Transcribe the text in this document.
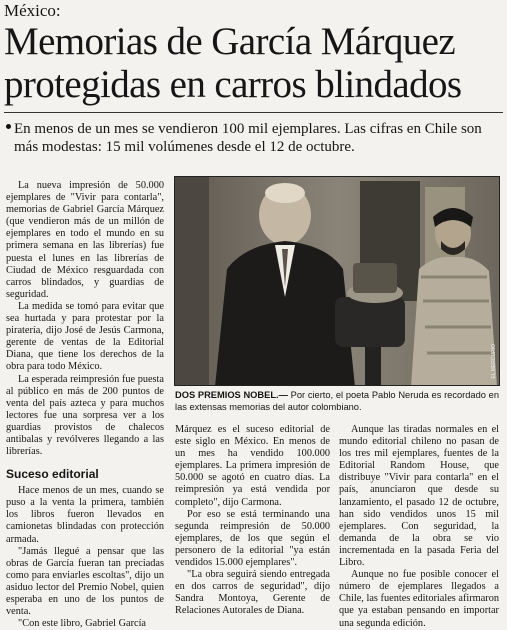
México:
Memorias de García Márquez protegidas en carros blindados
En menos de un mes se vendieron 100 mil ejemplares. Las cifras en Chile son más modestas: 15 mil volúmenes desde el 12 de octubre.

La nueva impresión de 50.000 ejemplares de "Vivir para contarla", memorias de Gabriel García Márquez (que vendieron más de un millón de ejemplares en todo el mundo en su primera semana en las librerías) fue puesta el lunes en las librerías de Ciudad de México resguardada con carros blindados, y guardias de seguridad.

La medida se tomó para evitar que sea hurtada y para protestar por la piratería, dijo José de Jesús Carmona, gerente de ventas de la Editorial Diana, que tiene los derechos de la obra para todo México.

La esperada reimpresión fue puesta al público en más de 200 puntos de venta del país azteca y para muchos lectores fue una sorpresa ver a los guardias provistos de chalecos antibalas y revólveres llegando a las librerías.

Suceso editorial

Hace menos de un mes, cuando se puso a la venta la primera, también los libros fueron llevados en camionetas blindadas con protección armada.

"Jamás llegué a pensar que las obras de García fueran tan preciadas como para enviarles escoltas", dijo un asiduo lector del Premio Nobel, quien esperaba en uno de los puntos de venta.

"Con este libro, Gabriel García

EL MERCURIO
DOS PREMIOS NOBEL.— Por cierto, el poeta Pablo Neruda es recordado en las extensas memorias del autor colombiano.

Márquez es el suceso editorial de este siglo en México. En menos de un mes ha vendido 100.000 ejemplares. La primera impresión de 50.000 se agotó en cuatro días. La reimpresión ya está vendida por completo", dijo Carmona.

Por eso se está terminando una segunda reimpresión de 50.000 ejemplares, de los que según el personero de la editorial "ya están vendidos 15.000 ejemplares".

"La obra seguirá siendo entregada en dos carros de seguridad", dijo Sandra Montoya, Gerente de Relaciones Autorales de Diana.

Aunque las tiradas normales en el mundo editorial chileno no pasan de los tres mil ejemplares, fuentes de la Editorial Random House, que distribuye "Vivir para contarla" en el país, anunciaron que desde su lanzamiento, el pasado 12 de octubre, han sido vendidos unos 15 mil ejemplares. Con seguridad, la demanda de la obra se vio incrementada en la pasada Feria del Libro.

Aunque no fue posible conocer el número de ejemplares llegados a Chile, las fuentes editoriales afirmaron que ya estaban pensando en importar una segunda edición.
